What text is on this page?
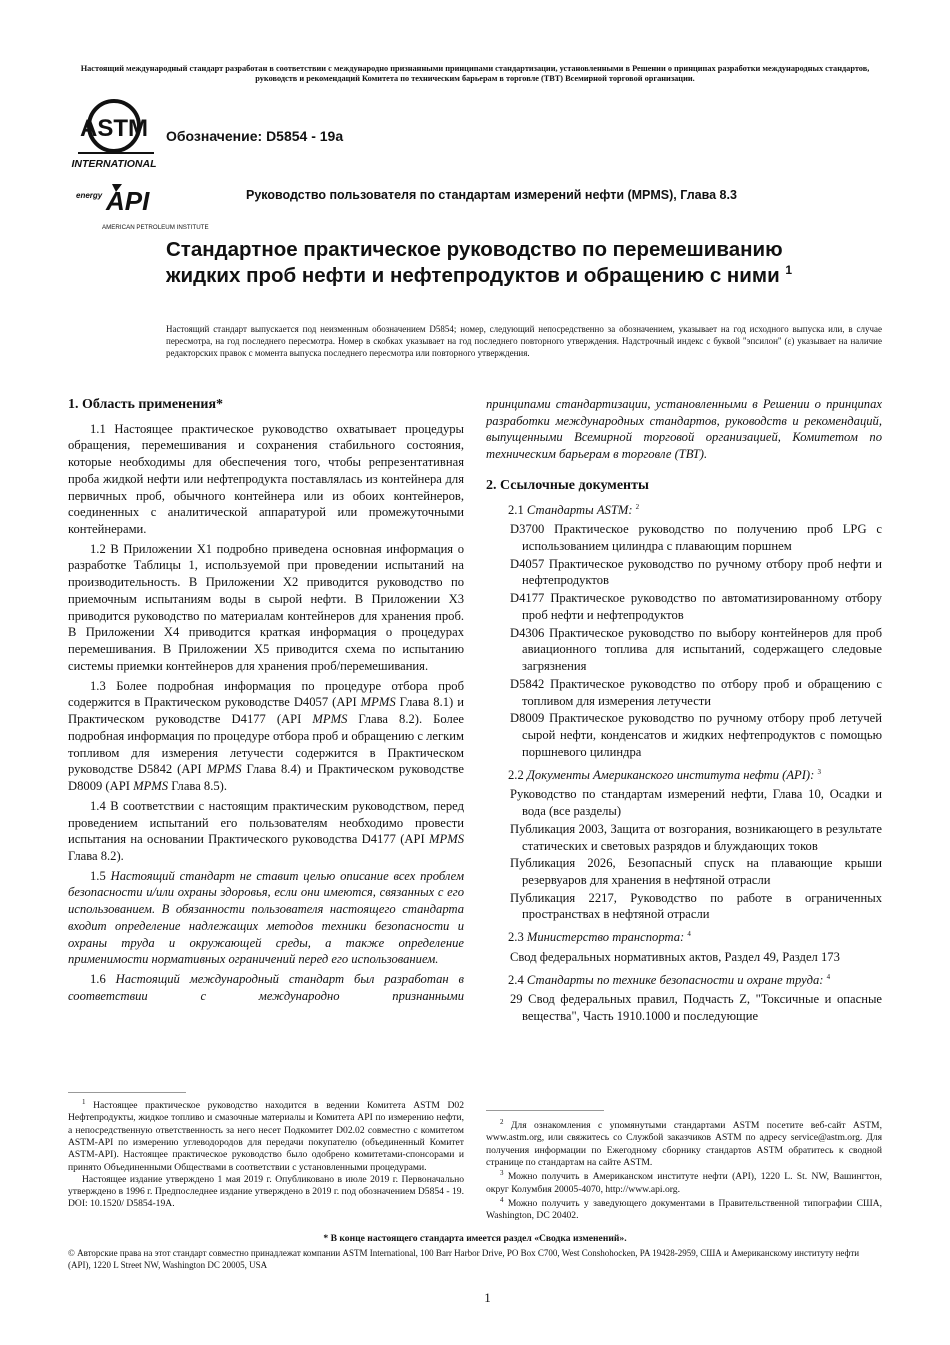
Настоящий международный стандарт разработан в соответствии с международно признанными принципами стандартизации, установленными в Решении о принципах разработки международных стандартов, руководств и рекомендаций Комитета по техническим барьерам в торговле (ТВТ) Всемирной торговой организации.
ASTM
INTERNATIONAL
Обозначение: D5854 - 19a
energy API
AMERICAN PETROLEUM INSTITUTE
Руководство пользователя по стандартам измерений нефти (MPMS), Глава 8.3
Стандартное практическое руководство по перемешиванию жидких проб нефти и нефтепродуктов и обращению с ними $^1$
Настоящий стандарт выпускается под неизменным обозначением D5854; номер, следующий непосредственно за обозначением, указывает на год исходного выпуска или, в случае пересмотра, на год последнего пересмотра. Номер в скобках указывает на год последнего повторного утверждения. Надстрочный индекс с буквой "эпсилон" (ε) указывает на наличие редакторских правок с момента выпуска последнего пересмотра или повторного утверждения.
1. Область применения*

1.1 Настоящее практическое руководство охватывает процедуры обращения, перемешивания и сохранения стабильного состояния, которые необходимы для обеспечения того, чтобы репрезентативная проба жидкой нефти или нефтепродукта поставлялась из контейнера для первичных проб, обычного контейнера или из обоих контейнеров, соединенных с аналитической аппаратурой или промежуточными контейнерами.

1.2 В Приложении X1 подробно приведена основная информация о разработке Таблицы 1, используемой при проведении испытаний на производительность. В Приложении X2 приводится руководство по приемочным испытаниям воды в сырой нефти. В Приложении X3 приводится руководство по материалам контейнеров для хранения проб. В Приложении X4 приводится краткая информация о процедурах перемешивания. В Приложении X5 приводится схема по испытанию системы приемки контейнеров для хранения проб/перемешивания.

1.3 Более подробная информация по процедуре отбора проб содержится в Практическом руководстве D4057 (API MPMS Глава 8.1) и Практическом руководстве D4177 (API MPMS Глава 8.2). Более подробная информация по процедуре отбора проб и обращению с легким топливом для измерения летучести содержится в Практическом руководстве D5842 (API MPMS Глава 8.4) и Практическом руководстве D8009 (API MPMS Глава 8.5).

1.4 В соответствии с настоящим практическим руководством, перед проведением испытаний его пользователям необходимо провести испытания на основании Практического руководства D4177 (API MPMS Глава 8.2).

1.5 Настоящий стандарт не ставит целью описание всех проблем безопасности и/или охраны здоровья, если они имеются, связанных с его использованием. В обязанности пользователя настоящего стандарта входит определение надлежащих методов техники безопасности и охраны труда и окружающей среды, а также определение применимости нормативных ограничений перед его использованием.

1.6 Настоящий международный стандарт был разработан в соответствии с международно признанными

принципами стандартизации, установленными в Решении о принципах разработки международных стандартов, руководств и рекомендаций, выпущенными Всемирной торговой организацией, Комитетом по техническим барьерам в торговле (ТВТ).

2. Ссылочные документы

2.1 Стандарты ASTM: $^2$

D3700 Практическое руководство по получению проб LPG с использованием цилиндра с плавающим поршнем

D4057 Практическое руководство по ручному отбору проб нефти и нефтепродуктов

D4177 Практическое руководство по автоматизированному отбору проб нефти и нефтепродуктов

D4306 Практическое руководство по выбору контейнеров для проб авиационного топлива для испытаний, содержащего следовые загрязнения

D5842 Практическое руководство по отбору проб и обращению с топливом для измерения летучести

D8009 Практическое руководство по ручному отбору проб летучей сырой нефти, конденсатов и жидких нефтепродуктов с помощью поршневого цилиндра

2.2 Документы Американского института нефти (API): $^3$

Руководство по стандартам измерений нефти, Глава 10, Осадки и вода (все разделы)

Публикация 2003, Защита от возгорания, возникающего в результате статических и световых разрядов и блуждающих токов

Публикация 2026, Безопасный спуск на плавающие крыши резервуаров для хранения в нефтяной отрасли

Публикация 2217, Руководство по работе в ограниченных пространствах в нефтяной отрасли

2.3 Министерство транспорта: $^4$

Свод федеральных нормативных актов, Раздел 49, Раздел 173

2.4 Стандарты по технике безопасности и охране труда: $^4$

29 Свод федеральных правил, Подчасть Z, "Токсичные и опасные вещества", Часть 1910.1000 и последующие

$^1$ Настоящее практическое руководство находится в ведении Комитета ASTM D02 Нефтепродукты, жидкое топливо и смазочные материалы и Комитета API по измерению нефти, а непосредственную ответственность за него несет Подкомитет D02.02 совместно с комитетом ASTM-API по измерению углеводородов для передачи покупателю (объединенный Комитет ASTM-API). Настоящее практическое руководство было одобрено комитетами-спонсорами и принято Объединенными Обществами в соответствии с установленными процедурами.

Настоящее издание утверждено 1 мая 2019 г. Опубликовано в июле 2019 г. Первоначально утверждено в 1996 г. Предпоследнее издание утверждено в 2019 г. под обозначением D5854 - 19. DOI: 10.1520/ D5854-19A.

$^2$ Для ознакомления с упомянутыми стандартами ASTM посетите веб-сайт ASTM, www.astm.org, или свяжитесь со Службой заказчиков ASTM по адресу service@astm.org. Для получения информации по Ежегодному сборнику стандартов ASTM обратитесь к сводной странице по стандартам на сайте ASTM.

$^3$ Можно получить в Американском институте нефти (API), 1220 L. St. NW, Вашингтон, округ Колумбия 20005-4070, http://www.api.org.

$^4$ Можно получить у заведующего документами в Правительственной типографии США, Washington, DC 20402.

* В конце настоящего стандарта имеется раздел «Сводка изменений».
© Авторские права на этот стандарт совместно принадлежат компании ASTM International, 100 Barr Harbor Drive, PO Box C700, West Conshohocken, PA 19428-2959, США и Американскому институту нефти (API), 1220 L Street NW, Washington DC 20005, USA
1
